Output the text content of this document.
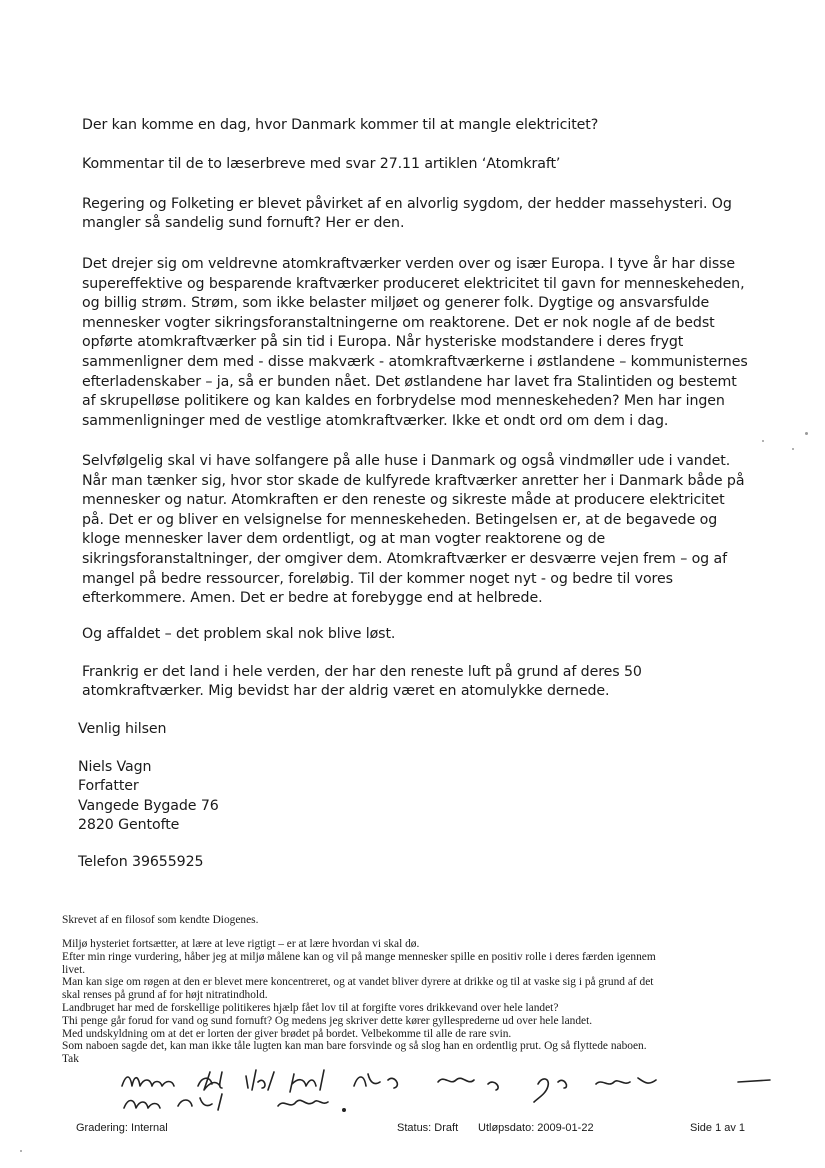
Der kan komme en dag, hvor Danmark kommer til at mangle elektricitet?

Kommentar til de to læserbreve med svar 27.11 artiklen ‘Atomkraft’

Regering og Folketing er blevet påvirket af en alvorlig sygdom, der hedder massehysteri. Og
mangler så sandelig sund fornuft? Her er den.

Det drejer sig om veldrevne atomkraftværker verden over og især Europa. I tyve år har disse
supereffektive og besparende kraftværker produceret elektricitet til gavn for menneskeheden,
og billig strøm. Strøm, som ikke belaster miljøet og generer folk. Dygtige og ansvarsfulde
mennesker vogter sikringsforanstaltningerne om reaktorene. Det er nok nogle af de bedst
opførte atomkraftværker på sin tid i Europa. Når hysteriske modstandere i deres frygt
sammenligner dem med - disse makværk - atomkraftværkerne i østlandene – kommunisternes
efterladenskaber – ja, så er bunden nået. Det østlandene har lavet fra Stalintiden og bestemt
af skrupelløse politikere og kan kaldes en forbrydelse mod menneskeheden? Men har ingen
sammenligninger med de vestlige atomkraftværker. Ikke et ondt ord om dem i dag.

Selvfølgelig skal vi have solfangere på alle huse i Danmark og også vindmøller ude i vandet.
Når man tænker sig, hvor stor skade de kulfyrede kraftværker anretter her i Danmark både på
mennesker og natur. Atomkraften er den reneste og sikreste måde at producere elektricitet
på. Det er og bliver en velsignelse for menneskeheden. Betingelsen er, at de begavede og
kloge mennesker laver dem ordentligt, og at man vogter reaktorene og de
sikringsforanstaltninger, der omgiver dem. Atomkraftværker er desværre vejen frem – og af
mangel på bedre ressourcer, foreløbig. Til der kommer noget nyt - og bedre til vores
efterkommere. Amen. Det er bedre at forebygge end at helbrede.

Og affaldet – det problem skal nok blive løst.

Frankrig er det land i hele verden, der har den reneste luft på grund af deres 50
atomkraftværker. Mig bevidst har der aldrig været en atomulykke dernede.

Venlig hilsen

Niels Vagn
Forfatter
Vangede Bygade 76
2820 Gentofte

Telefon 39655925

Skrevet af en filosof som kendte Diogenes.

Miljø hysteriet fortsætter, at lære at leve rigtigt – er at lære hvordan vi skal dø.
Efter min ringe vurdering, håber jeg at miljø målene kan og vil på mange mennesker spille en positiv rolle i deres færden igennem
livet.
Man kan sige om røgen at den er blevet mere koncentreret, og at vandet bliver dyrere at drikke og til at vaske sig i på grund af det
skal renses på grund af for højt nitratindhold.
Landbruget har med de forskellige politikeres hjælp fået lov til at forgifte vores drikkevand over hele landet?
Thi penge går forud for vand og sund fornuft? Og medens jeg skriver dette kører gyllesprederne ud over hele landet.
Med undskyldning om at det er lorten der giver brødet på bordet. Velbekomme til alle de rare svin.
Som naboen sagde det, kan man ikke tåle lugten kan man bare forsvinde og så slog han en ordentlig prut. Og så flyttede naboen.
Tak
Gradering: Internal	Status: Draft Utløpsdato: 2009-01-22	Side 1 av 1
